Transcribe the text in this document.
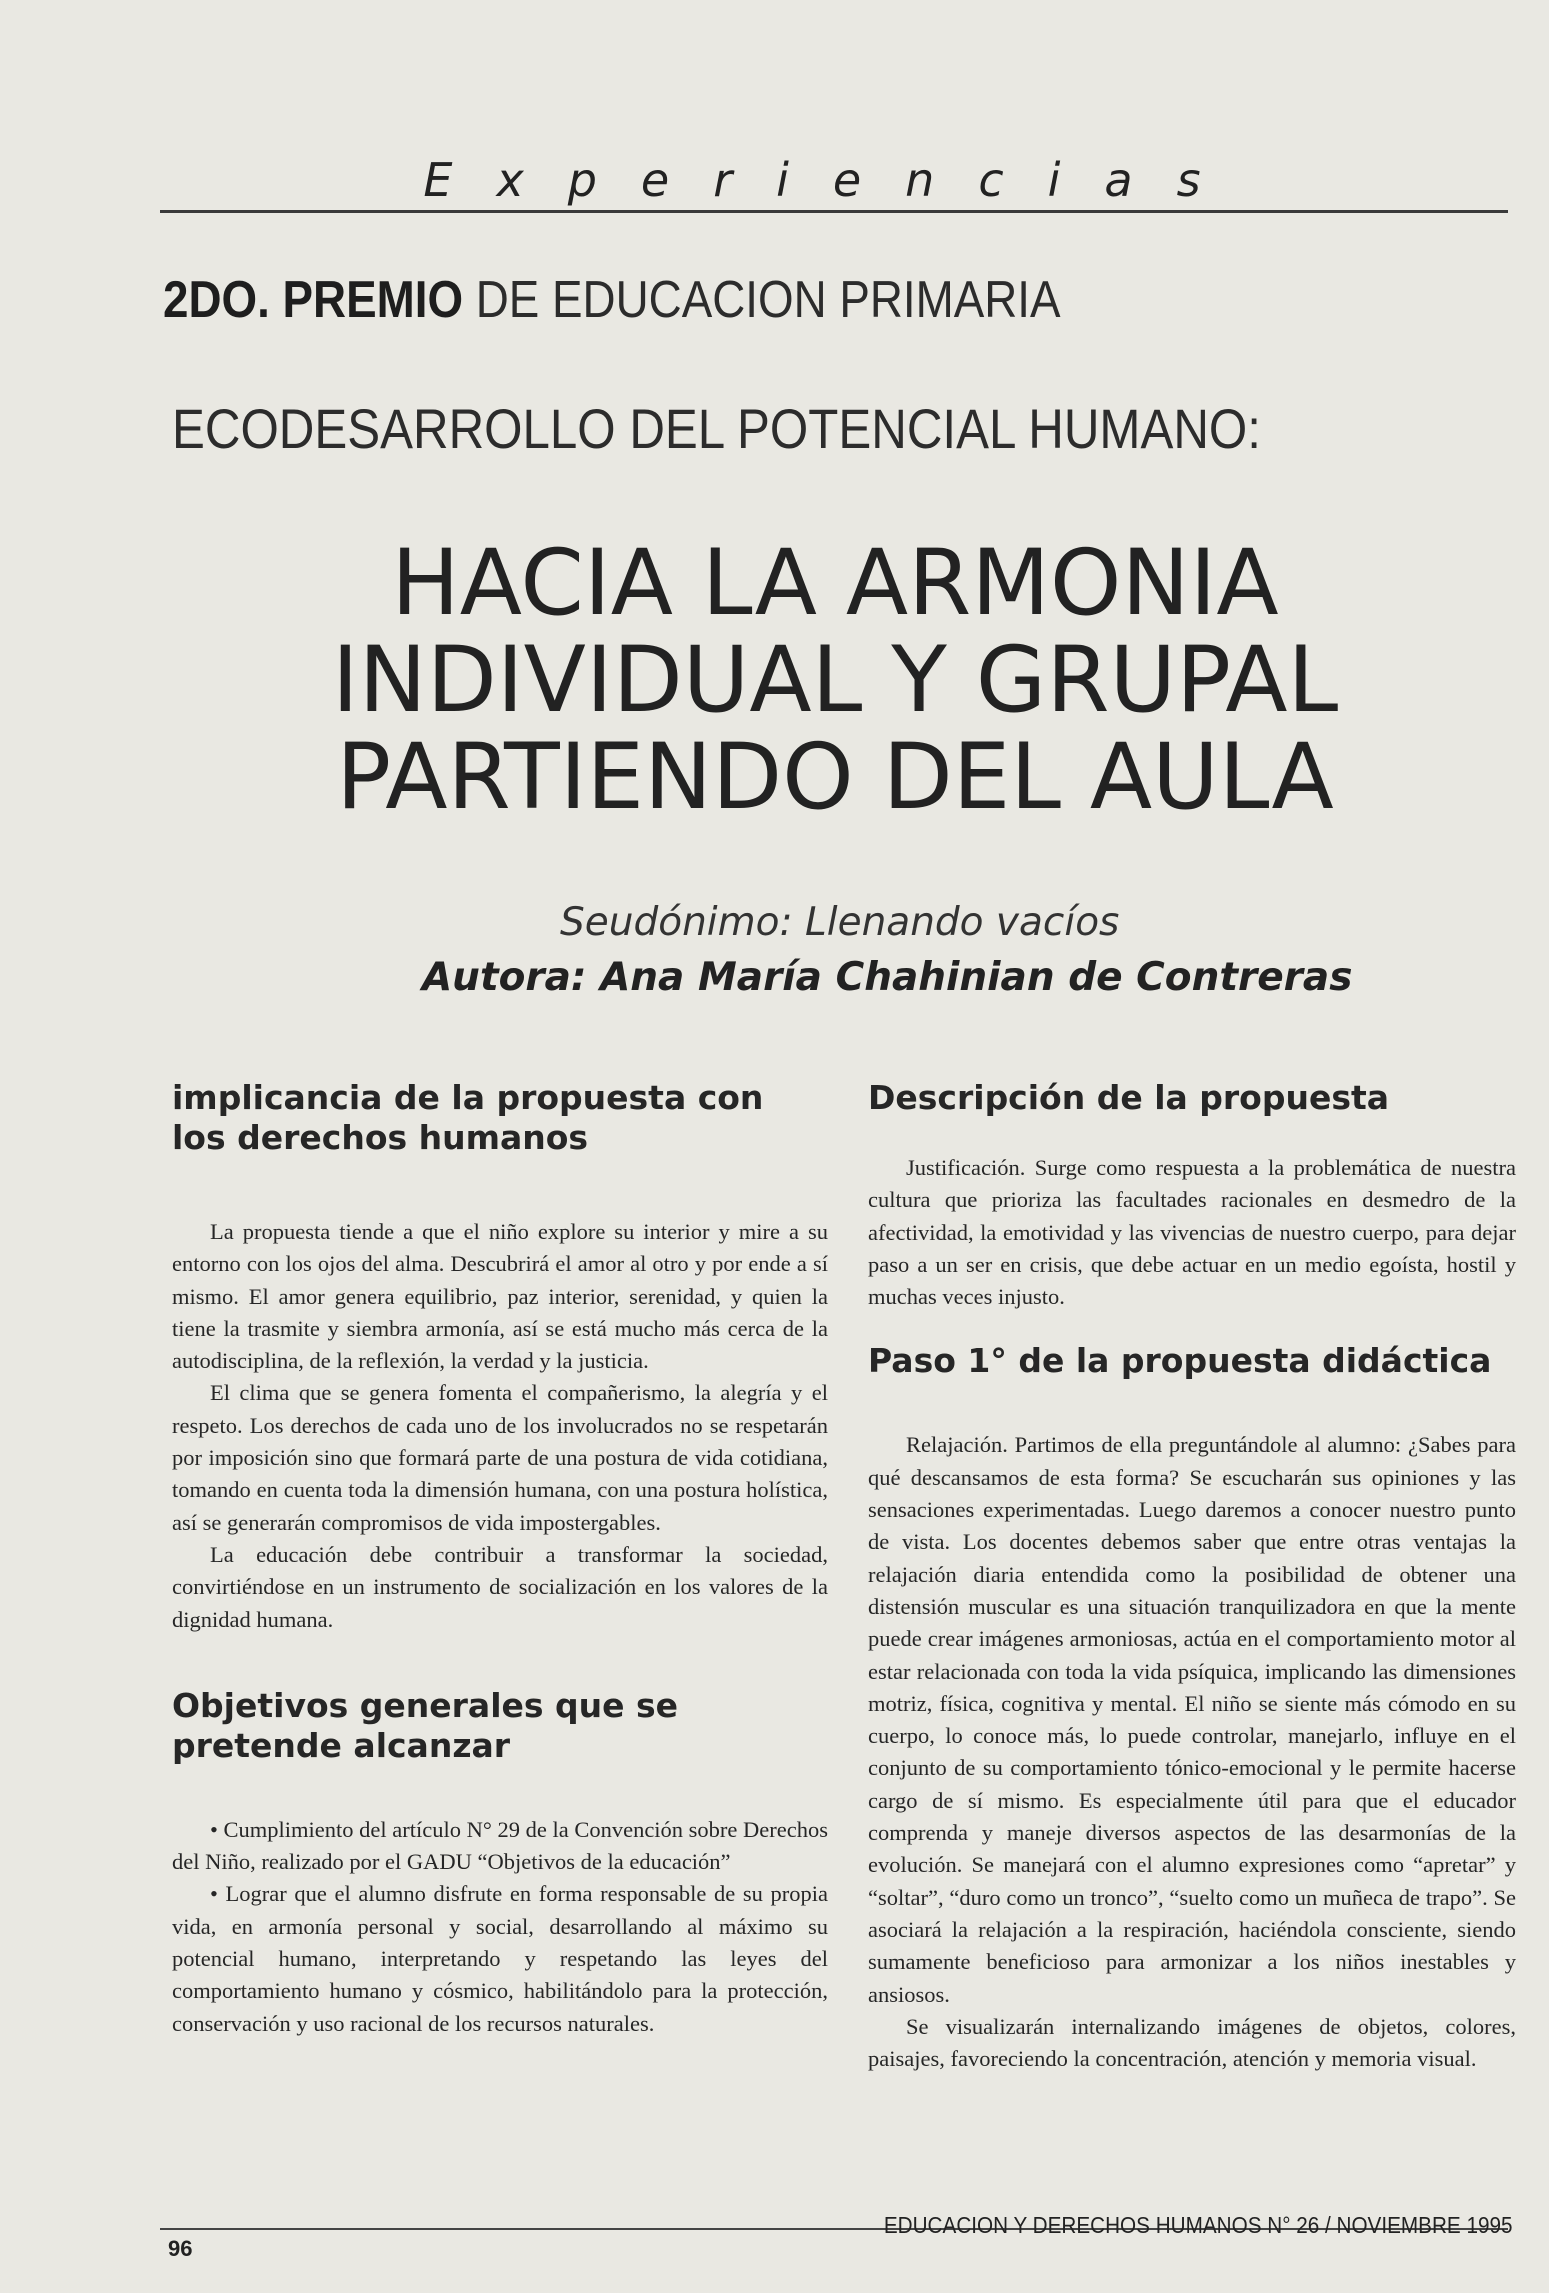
Experiencias
2DO. PREMIO DE EDUCACION PRIMARIA
ECODESARROLLO DEL POTENCIAL HUMANO:
HACIA LA ARMONIA
INDIVIDUAL Y GRUPAL
PARTIENDO DEL AULA
Seudónimo: Llenando vacíos
Autora: Ana María Chahinian de Contreras
implicancia de la propuesta con los derechos humanos

La propuesta tiende a que el niño explore su interior y mire a su entorno con los ojos del alma. Descubrirá el amor al otro y por ende a sí mismo. El amor genera equilibrio, paz interior, serenidad, y quien la tiene la trasmite y siembra armonía, así se está mucho más cerca de la autodisciplina, de la reflexión, la verdad y la justicia.

El clima que se genera fomenta el compañerismo, la alegría y el respeto. Los derechos de cada uno de los involucrados no se respetarán por imposición sino que formará parte de una postura de vida cotidiana, tomando en cuenta toda la dimensión humana, con una postura holística, así se generarán compromisos de vida impostergables.

La educación debe contribuir a transformar la sociedad, convirtiéndose en un instrumento de socialización en los valores de la dignidad humana.

Objetivos generales que se pretende alcanzar

• Cumplimiento del artículo N° 29 de la Convención sobre Derechos del Niño, realizado por el GADU “Objetivos de la educación”

• Lograr que el alumno disfrute en forma responsable de su propia vida, en armonía personal y social, desarrollando al máximo su potencial humano, interpretando y respetando las leyes del comportamiento humano y cósmico, habilitándolo para la protección, conservación y uso racional de los recursos naturales.

Descripción de la propuesta

Justificación. Surge como respuesta a la problemática de nuestra cultura que prioriza las facultades racionales en desmedro de la afectividad, la emotividad y las vivencias de nuestro cuerpo, para dejar paso a un ser en crisis, que debe actuar en un medio egoísta, hostil y muchas veces injusto.

Paso 1° de la propuesta didáctica

Relajación. Partimos de ella preguntándole al alumno: ¿Sabes para qué descansamos de esta forma? Se escucharán sus opiniones y las sensaciones experimentadas. Luego daremos a conocer nuestro punto de vista. Los docentes debemos saber que entre otras ventajas la relajación diaria entendida como la posibilidad de obtener una distensión muscular es una situación tranquilizadora en que la mente puede crear imágenes armoniosas, actúa en el comportamiento motor al estar relacionada con toda la vida psíquica, implicando las dimensiones motriz, física, cognitiva y mental. El niño se siente más cómodo en su cuerpo, lo conoce más, lo puede controlar, manejarlo, influye en el conjunto de su comportamiento tónico-emocional y le permite hacerse cargo de sí mismo. Es especialmente útil para que el educador comprenda y maneje diversos aspectos de las desarmonías de la evolución. Se manejará con el alumno expresiones como “apretar” y “soltar”, “duro como un tronco”, “suelto como un muñeca de trapo”. Se asociará la relajación a la respiración, haciéndola consciente, siendo sumamente beneficioso para armonizar a los niños inestables y ansiosos.

Se visualizarán internalizando imágenes de objetos, colores, paisajes, favoreciendo la concentración, atención y memoria visual.

96
EDUCACION Y DERECHOS HUMANOS N° 26 / NOVIEMBRE 1995
